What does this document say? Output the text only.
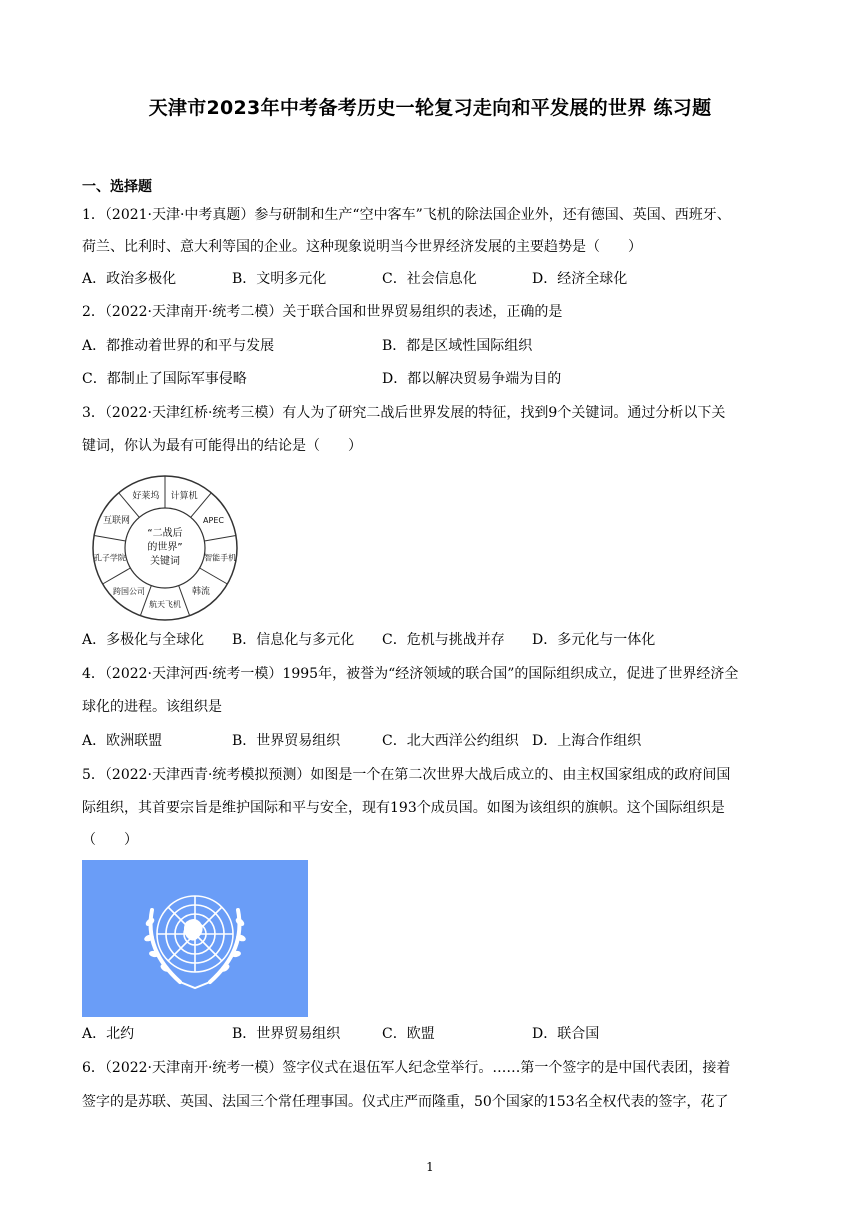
天津市2023年中考备考历史一轮复习走向和平发展的世界 练习题
一、选择题
1．（2021·天津·中考真题）参与研制和生产“空中客车”飞机的除法国企业外，还有德国、英国、西班牙、
荷兰、比利时、意大利等国的企业。这种现象说明当今世界经济发展的主要趋势是（　　）
A．政治多极化	B．文明多元化	C．社会信息化	D．经济全球化
2．（2022·天津南开·统考二模）关于联合国和世界贸易组织的表述，正确的是
A．都推动着世界的和平与发展	B．都是区域性国际组织
C．都制止了国际军事侵略	D．都以解决贸易争端为目的
3．（2022·天津红桥·统考三模）有人为了研究二战后世界发展的特征，找到9个关键词。通过分析以下关
键词，你认为最有可能得出的结论是（　　）
计算机
APEC
智能手机
韩流
航天飞机
跨国公司
孔子学院
互联网
好莱坞
“二战后
的世界”
关键词
A．多极化与全球化 B．信息化与多元化 C．危机与挑战并存 D．多元化与一体化
4．（2022·天津河西·统考一模）1995年，被誉为“经济领域的联合国”的国际组织成立，促进了世界经济全
球化的进程。该组织是
A．欧洲联盟	B．世界贸易组织	C．北大西洋公约组织 D．上海合作组织
5．（2022·天津西青·统考模拟预测）如图是一个在第二次世界大战后成立的、由主权国家组成的政府间国
际组织，其首要宗旨是维护国际和平与安全，现有193个成员国。如图为该组织的旗帜。这个国际组织是
（　　）
A．北约	B．世界贸易组织	C．欧盟	D．联合国
6．（2022·天津南开·统考一模）签字仪式在退伍军人纪念堂举行。……第一个签字的是中国代表团，接着
签字的是苏联、英国、法国三个常任理事国。仪式庄严而隆重，50个国家的153名全权代表的签字，花了
1
